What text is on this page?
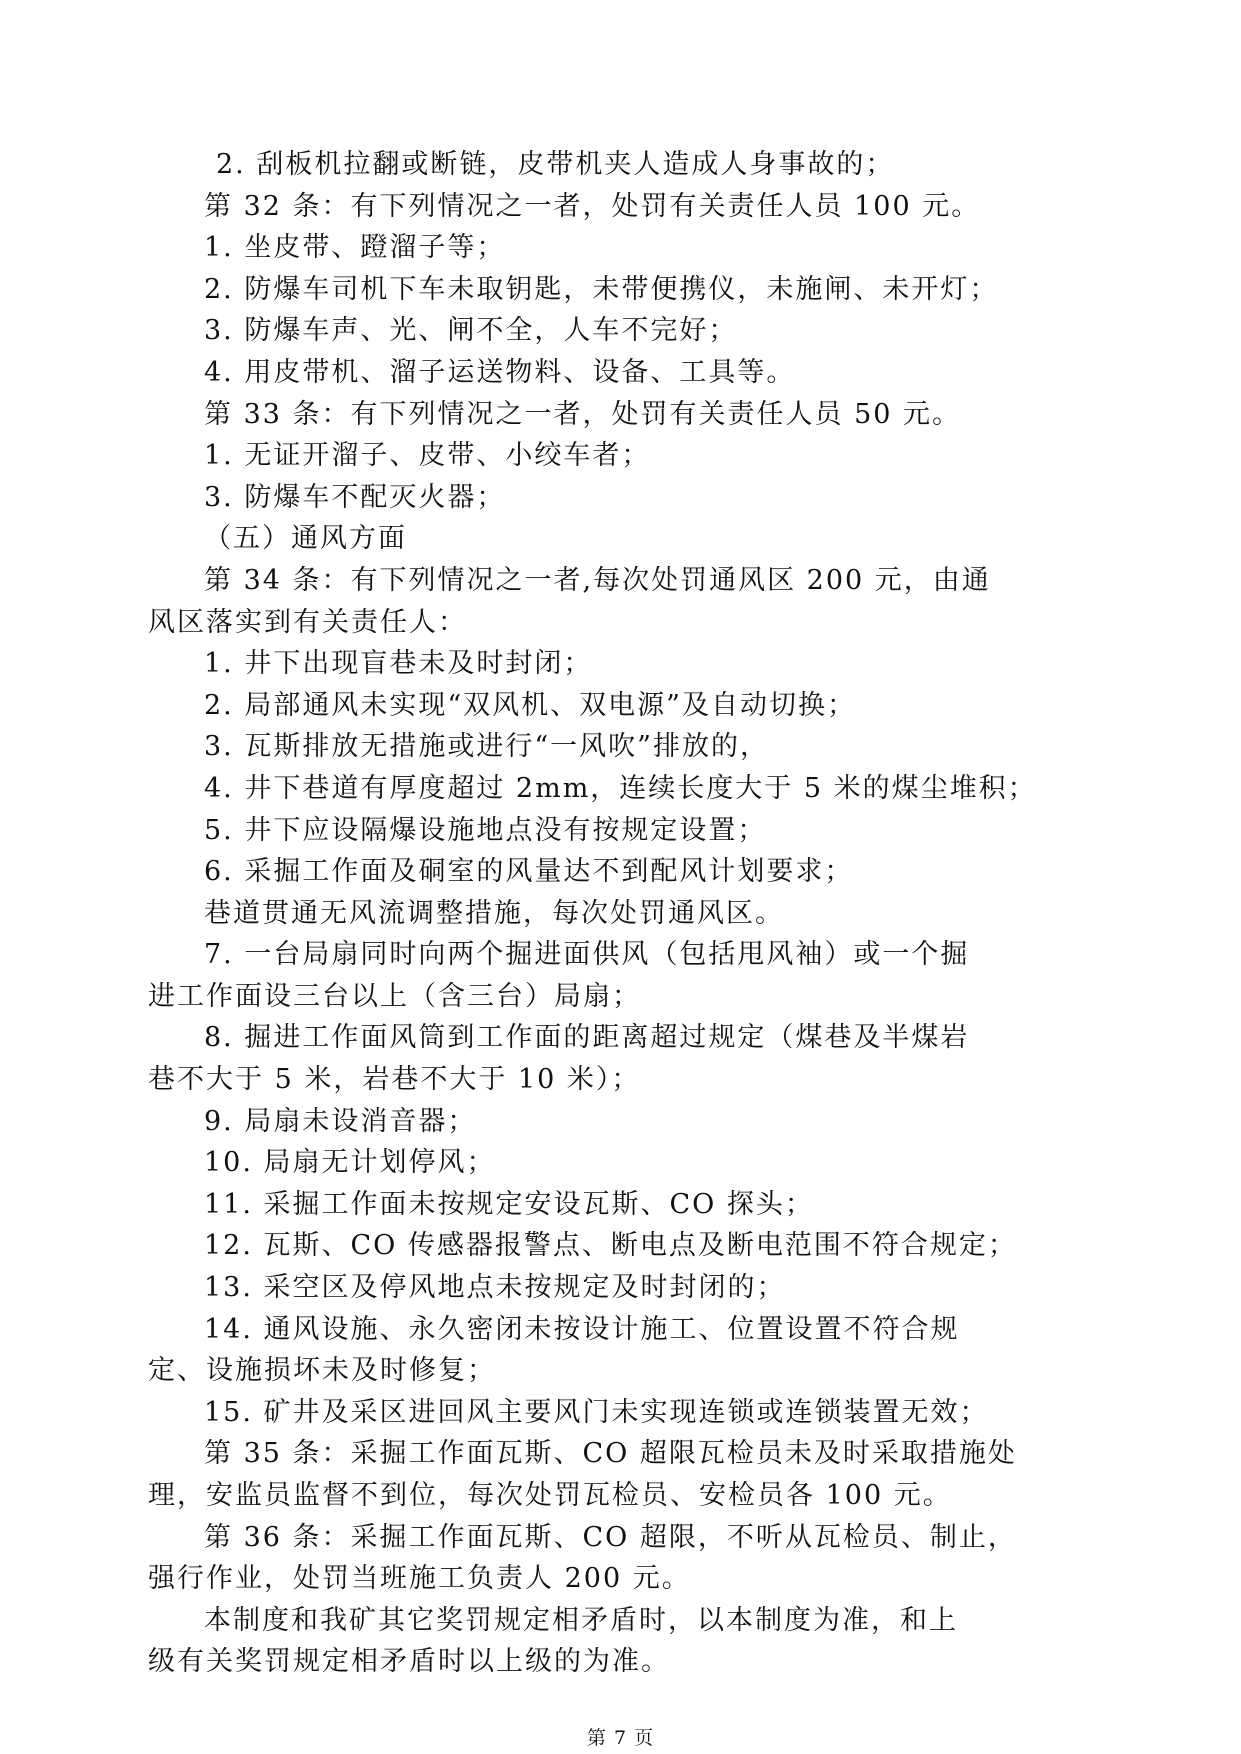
2. 刮板机拉翻或断链，皮带机夹人造成人身事故的；
第 32 条：有下列情况之一者，处罚有关责任人员 100 元。
1. 坐皮带、蹬溜子等；
2. 防爆车司机下车未取钥匙，未带便携仪，未施闸、未开灯；
3. 防爆车声、光、闸不全，人车不完好；
4. 用皮带机、溜子运送物料、设备、工具等。
第 33 条：有下列情况之一者，处罚有关责任人员 50 元。
1. 无证开溜子、皮带、小绞车者；
3. 防爆车不配灭火器；
（五）通风方面
第 34 条：有下列情况之一者,每次处罚通风区 200 元，由通
风区落实到有关责任人：
1. 井下出现盲巷未及时封闭；
2. 局部通风未实现“双风机、双电源”及自动切换；
3. 瓦斯排放无措施或进行“一风吹”排放的，
4. 井下巷道有厚度超过 2mm，连续长度大于 5 米的煤尘堆积；
5. 井下应设隔爆设施地点没有按规定设置；
6. 采掘工作面及硐室的风量达不到配风计划要求；
巷道贯通无风流调整措施，每次处罚通风区。
7. 一台局扇同时向两个掘进面供风（包括甩风袖）或一个掘
进工作面设三台以上（含三台）局扇；
8. 掘进工作面风筒到工作面的距离超过规定（煤巷及半煤岩
巷不大于 5 米，岩巷不大于 10 米）；
9. 局扇未设消音器；
10. 局扇无计划停风；
11. 采掘工作面未按规定安设瓦斯、CO 探头；
12. 瓦斯、CO 传感器报警点、断电点及断电范围不符合规定；
13. 采空区及停风地点未按规定及时封闭的；
14. 通风设施、永久密闭未按设计施工、位置设置不符合规
定、设施损坏未及时修复；
15. 矿井及采区进回风主要风门未实现连锁或连锁装置无效；
第 35 条：采掘工作面瓦斯、CO 超限瓦检员未及时采取措施处
理，安监员监督不到位，每次处罚瓦检员、安检员各 100 元。
第 36 条：采掘工作面瓦斯、CO 超限，不听从瓦检员、制止，
强行作业，处罚当班施工负责人 200 元。
本制度和我矿其它奖罚规定相矛盾时，以本制度为准，和上
级有关奖罚规定相矛盾时以上级的为准。
第 7 页
